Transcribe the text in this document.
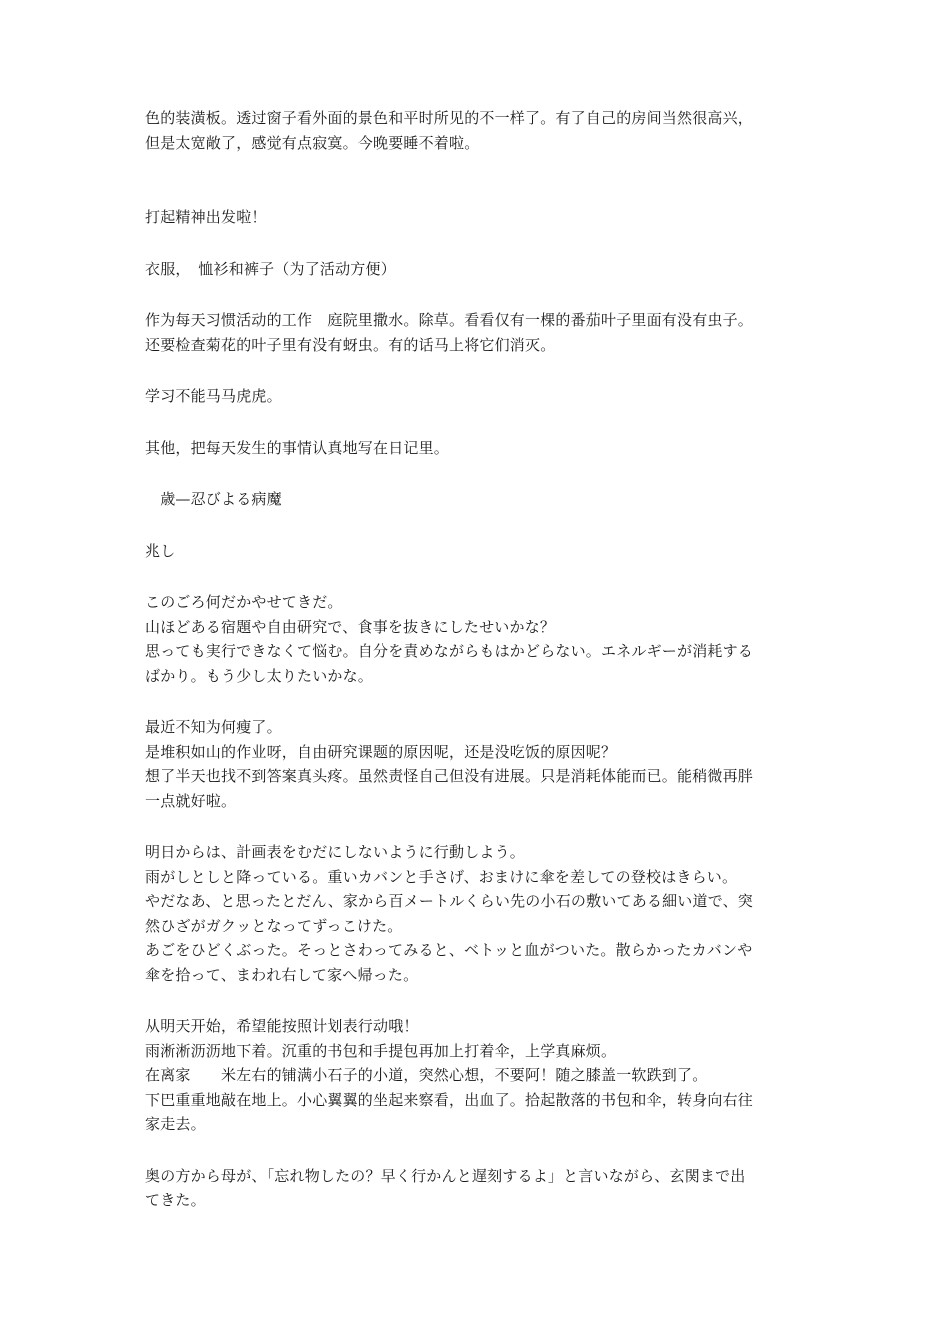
色的装潢板。透过窗子看外面的景色和平时所见的不一样了。有了自己的房间当然很高兴，
但是太宽敞了，感觉有点寂寞。今晚要睡不着啦。

打起精神出发啦！

衣服，　恤衫和裤子（为了活动方便）

作为每天习惯活动的工作　庭院里撒水。除草。看看仅有一棵的番茄叶子里面有没有虫子。
还要检查菊花的叶子里有没有蚜虫。有的话马上将它们消灭。

学习不能马马虎虎。

其他，把每天发生的事情认真地写在日记里。

　歳—忍びよる病魔

兆し

このごろ何だかやせてきだ。
山ほどある宿題や自由研究で、食事を抜きにしたせいかな？
思っても実行できなくて悩む。自分を責めながらもはかどらない。エネルギーが消耗する
ばかり。もう少し太りたいかな。

最近不知为何瘦了。
是堆积如山的作业呀，自由研究课题的原因呢，还是没吃饭的原因呢？
想了半天也找不到答案真头疼。虽然责怪自己但没有进展。只是消耗体能而已。能稍微再胖
一点就好啦。

明日からは、計画表をむだにしないように行動しよう。
雨がしとしと降っている。重いカバンと手さげ、おまけに傘を差しての登校はきらい。
やだなあ、と思ったとだん、家から百メートルくらい先の小石の敷いてある細い道で、突
然ひざがガクッとなってずっこけた。
あごをひどくぶった。そっとさわってみると、ベトッと血がついた。散らかったカバンや
傘を拾って、まわれ右して家へ帰った。

从明天开始，希望能按照计划表行动哦！
雨淅淅沥沥地下着。沉重的书包和手提包再加上打着伞，上学真麻烦。
在离家　　米左右的铺满小石子的小道，突然心想，不要阿！随之膝盖一软跌到了。
下巴重重地敲在地上。小心翼翼的坐起来察看，出血了。拾起散落的书包和伞，转身向右往
家走去。

奥の方から母が、「忘れ物したの？早く行かんと遅刻するよ」と言いながら、玄関まで出
てきた。
